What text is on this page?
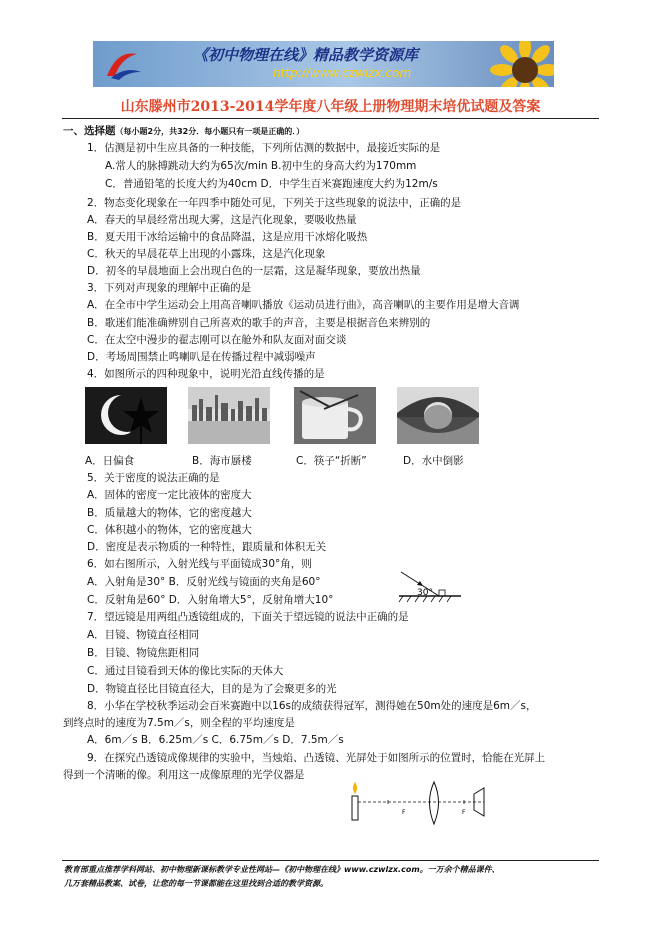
《初中物理在线》精品教学资源库
http://www.czwlzx.com
山东滕州市2013-2014学年度八年级上册物理期末培优试题及答案
一、选择题（每小题2分，共32分．每小题只有一项是正确的．）
1．估测是初中生应具备的一种技能，下列所估测的数据中，最接近实际的是
A.常人的脉搏跳动大约为65次/min B.初中生的身高大约为170mm
C．普通铅笔的长度大约为40cm D．中学生百米赛跑速度大约为12m/s
2．物态变化现象在一年四季中随处可见，下列关于这些现象的说法中，正确的是
A．春天的早晨经常出现大雾，这是汽化现象，要吸收热量
B．夏天用干冰给运输中的食品降温，这是应用干冰熔化吸热
C．秋天的早晨花草上出现的小露珠，这是汽化现象
D．初冬的早晨地面上会出现白色的一层霜，这是凝华现象，要放出热量
3．下列对声现象的理解中正确的是
A．在全市中学生运动会上用高音喇叭播放《运动员进行曲》，高音喇叭的主要作用是增大音调
B．歌迷们能准确辨别自己所喜欢的歌手的声音，主要是根据音色来辨别的
C．在太空中漫步的翟志刚可以在舱外和队友面对面交谈
D．考场周围禁止鸣喇叭是在传播过程中减弱噪声
4．如图所示的四种现象中，说明光沿直线传播的是
A．日偏食	B．海市蜃楼	C．筷子“折断”	D．水中倒影
5．关于密度的说法正确的是
A．固体的密度一定比液体的密度大
B．质量越大的物体，它的密度越大
C．体积越小的物体，它的密度越大
D．密度是表示物质的一种特性，跟质量和体积无关
6．如右图所示，入射光线与平面镜成30°角，则
A．入射角是30° B．反射光线与镜面的夹角是60°
C．反射角是60° D．入射角增大5°，反射角增大10°
30°
7．望远镜是用两组凸透镜组成的，下面关于望远镜的说法中正确的是
A．目镜、物镜直径相同
B．目镜、物镜焦距相同
C．通过目镜看到天体的像比实际的天体大
D．物镜直径比目镜直径大，目的是为了会聚更多的光
8．小华在学校秋季运动会百米赛跑中以16s的成绩获得冠军，测得她在50m处的速度是6m／s，
到终点时的速度为7.5m／s，则全程的平均速度是
A．6m／s B．6.25m／s C．6.75m／s D．7.5m／s
9．在探究凸透镜成像规律的实验中，当烛焰、凸透镜、光屏处于如图所示的位置时，恰能在光屏上
得到一个清晰的像。利用这一成像原理的光学仪器是
F	F
教育部重点推荐学科网站、初中物理新课标教学专业性网站—《初中物理在线》www.czwlzx.com。一万余个精品课件、
几万套精品教案、试卷，让您的每一节课都能在这里找到合适的教学资源。
